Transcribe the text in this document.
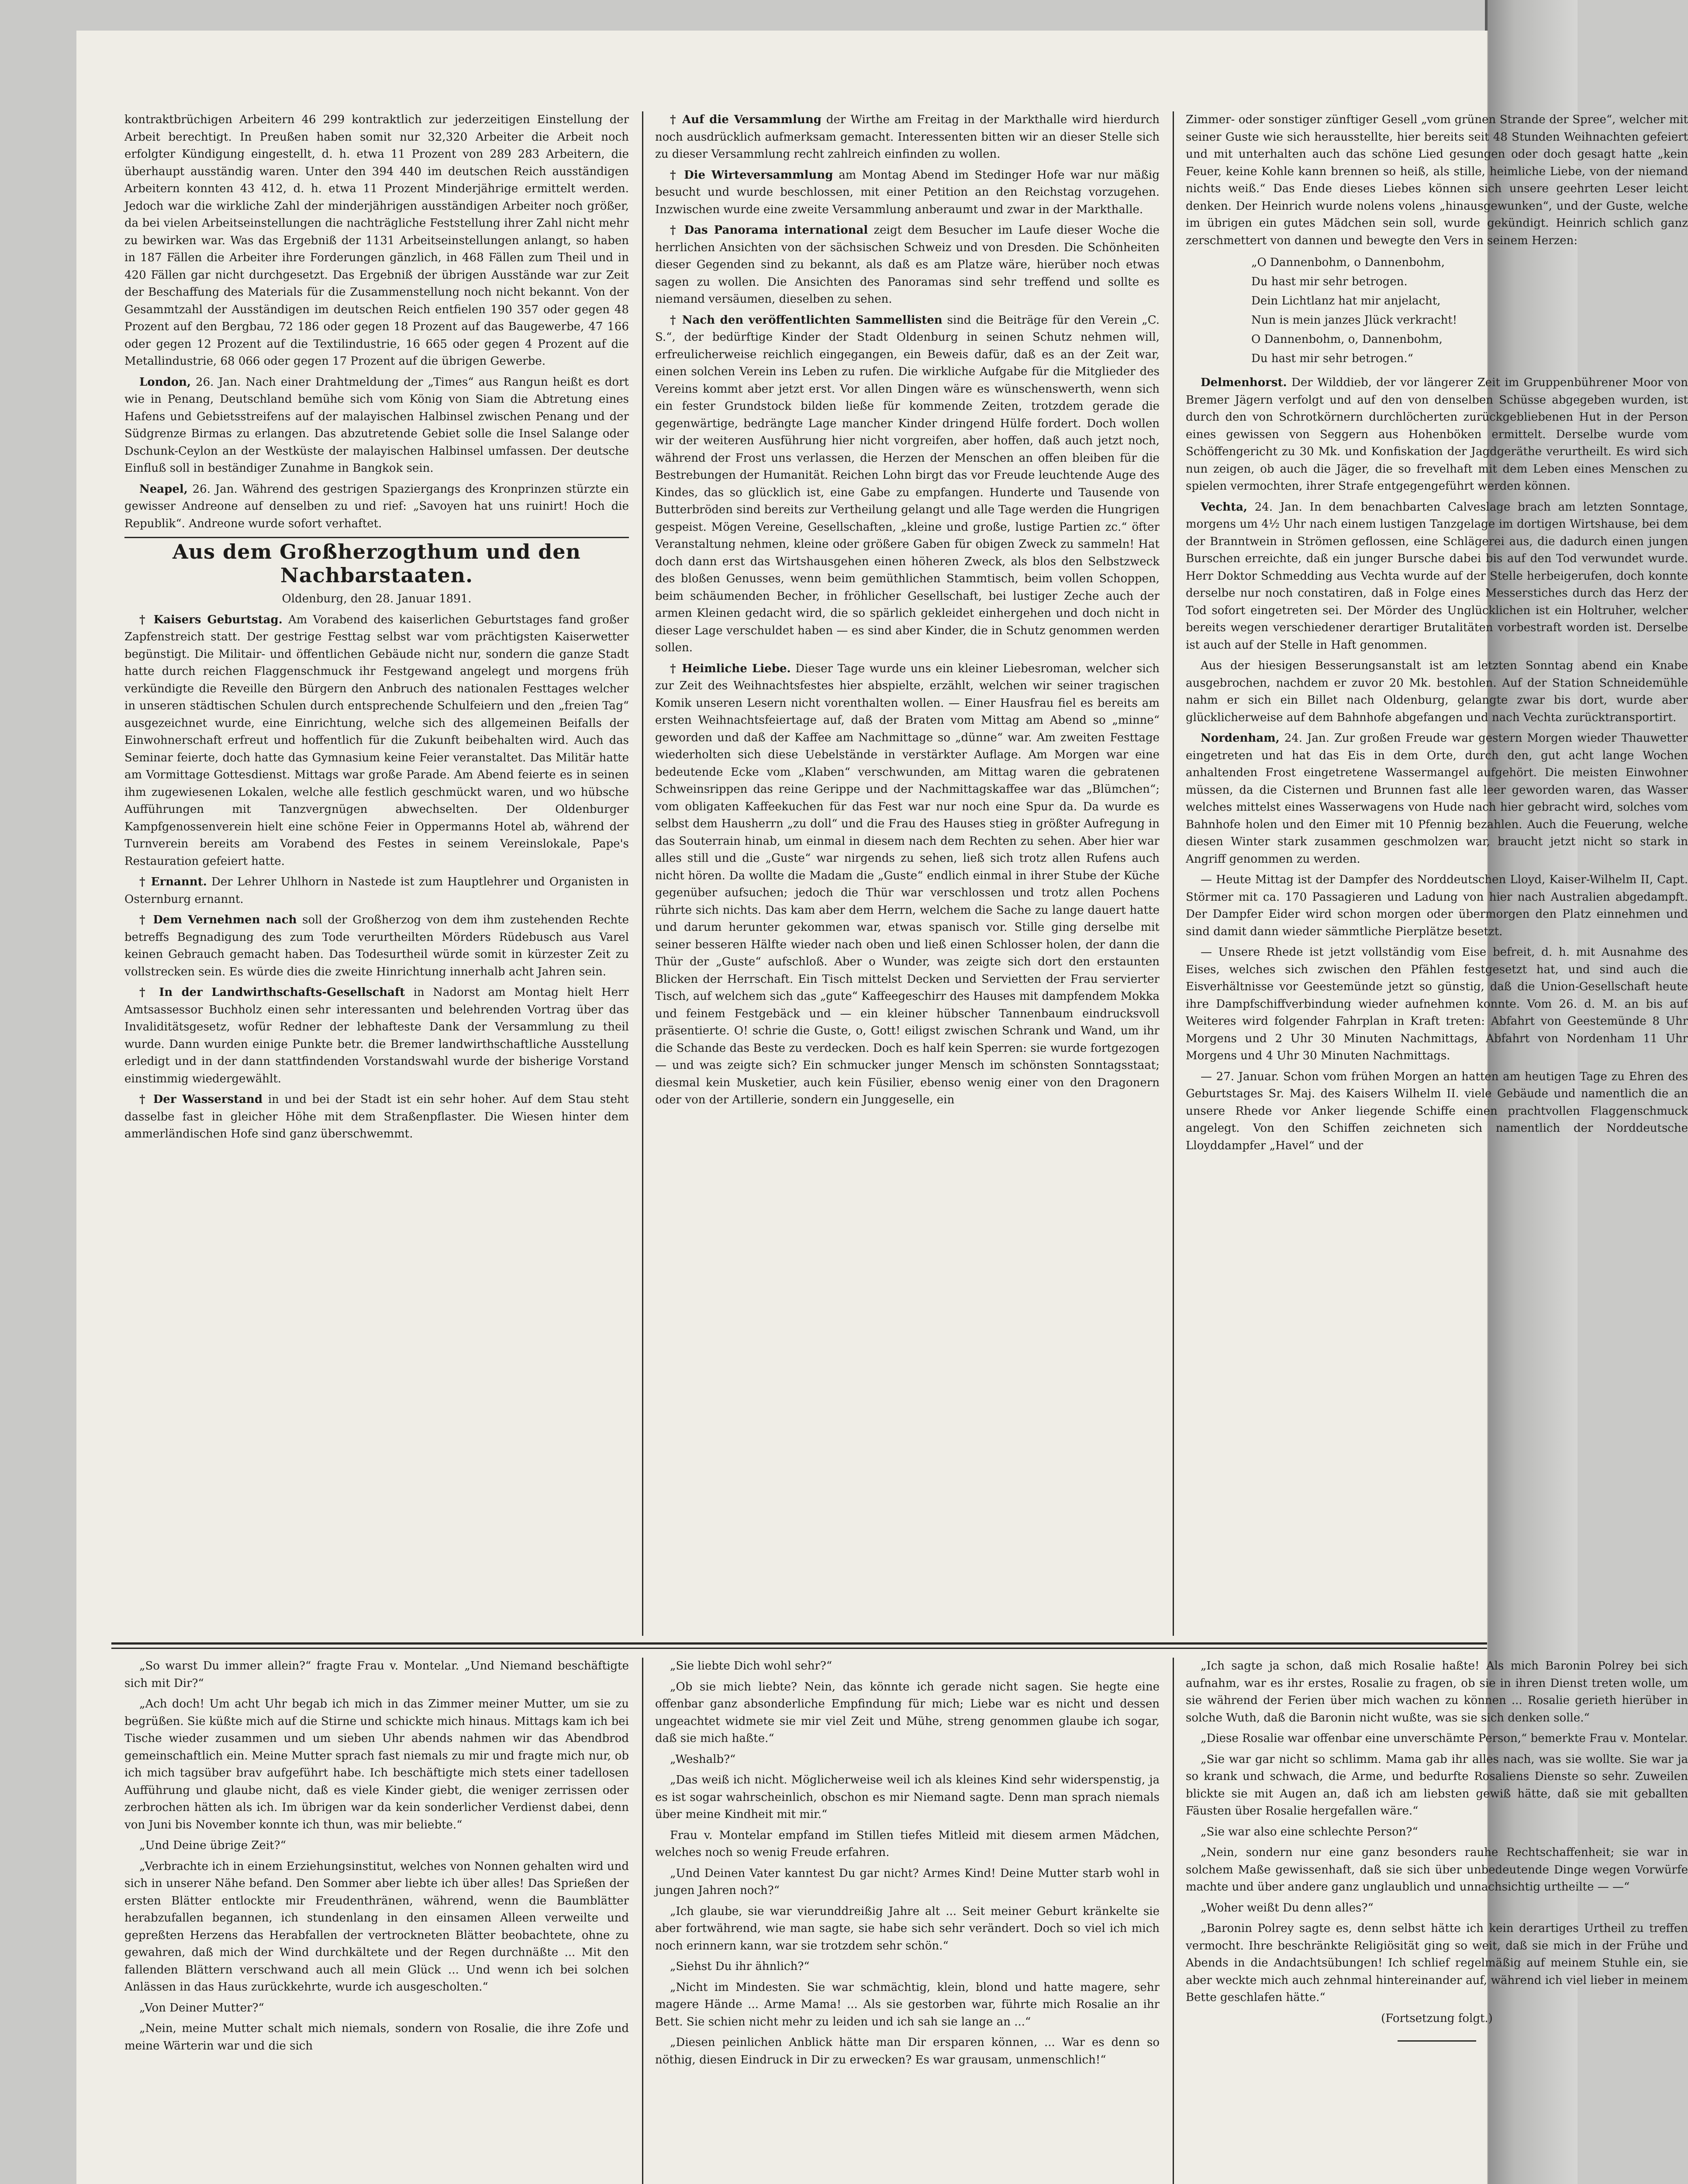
kontraktbrüchigen Arbeitern 46 299 kontraktlich zur jederzeitigen Einstellung der Arbeit berechtigt. In Preußen haben somit nur 32,320 Arbeiter die Arbeit noch erfolgter Kündigung eingestellt, d. h. etwa 11 Prozent von 289 283 Arbeitern, die überhaupt ausständig waren. Unter den 394 440 im deutschen Reich ausständigen Arbeitern konnten 43 412, d. h. etwa 11 Prozent Minderjährige ermittelt werden. Jedoch war die wirkliche Zahl der minderjährigen ausständigen Arbeiter noch größer, da bei vielen Arbeitseinstellungen die nachträgliche Feststellung ihrer Zahl nicht mehr zu bewirken war. Was das Ergebniß der 1131 Arbeitseinstellungen anlangt, so haben in 187 Fällen die Arbeiter ihre Forderungen gänzlich, in 468 Fällen zum Theil und in 420 Fällen gar nicht durchgesetzt. Das Ergebniß der übrigen Ausstände war zur Zeit der Beschaffung des Materials für die Zusammenstellung noch nicht bekannt. Von der Gesammtzahl der Ausständigen im deutschen Reich entfielen 190 357 oder gegen 48 Prozent auf den Bergbau, 72 186 oder gegen 18 Prozent auf das Baugewerbe, 47 166 oder gegen 12 Prozent auf die Textilindustrie, 16 665 oder gegen 4 Prozent auf die Metallindustrie, 68 066 oder gegen 17 Prozent auf die übrigen Gewerbe.

London, 26. Jan. Nach einer Drahtmeldung der „Times“ aus Rangun heißt es dort wie in Penang, Deutschland bemühe sich vom König von Siam die Abtretung eines Hafens und Gebietsstreifens auf der malayischen Halbinsel zwischen Penang und der Südgrenze Birmas zu erlangen. Das abzutretende Gebiet solle die Insel Salange oder Dschunk-Ceylon an der Westküste der malayischen Halbinsel umfassen. Der deutsche Einfluß soll in beständiger Zunahme in Bangkok sein.

Neapel, 26. Jan. Während des gestrigen Spaziergangs des Kronprinzen stürzte ein gewisser Andreone auf denselben zu und rief: „Savoyen hat uns ruinirt! Hoch die Republik“. Andreone wurde sofort verhaftet.

Aus dem Großherzogthum und den Nachbarstaaten.

Oldenburg, den 28. Januar 1891.

† Kaisers Geburtstag. Am Vorabend des kaiserlichen Geburtstages fand großer Zapfenstreich statt. Der gestrige Festtag selbst war vom prächtigsten Kaiserwetter begünstigt. Die Militair- und öffentlichen Gebäude nicht nur, sondern die ganze Stadt hatte durch reichen Flaggenschmuck ihr Festgewand angelegt und morgens früh verkündigte die Reveille den Bürgern den Anbruch des nationalen Festtages welcher in unseren städtischen Schulen durch entsprechende Schulfeiern und den „freien Tag“ ausgezeichnet wurde, eine Einrichtung, welche sich des allgemeinen Beifalls der Einwohnerschaft erfreut und hoffentlich für die Zukunft beibehalten wird. Auch das Seminar feierte, doch hatte das Gymnasium keine Feier veranstaltet. Das Militär hatte am Vormittage Gottesdienst. Mittags war große Parade. Am Abend feierte es in seinen ihm zugewiesenen Lokalen, welche alle festlich geschmückt waren, und wo hübsche Aufführungen mit Tanzvergnügen abwechselten. Der Oldenburger Kampfgenossenverein hielt eine schöne Feier in Oppermanns Hotel ab, während der Turnverein bereits am Vorabend des Festes in seinem Vereinslokale, Pape's Restauration gefeiert hatte.

† Ernannt. Der Lehrer Uhlhorn in Nastede ist zum Hauptlehrer und Organisten in Osternburg ernannt.

† Dem Vernehmen nach soll der Großherzog von dem ihm zustehenden Rechte betreffs Begnadigung des zum Tode verurtheilten Mörders Rüdebusch aus Varel keinen Gebrauch gemacht haben. Das Todesurtheil würde somit in kürzester Zeit zu vollstrecken sein. Es würde dies die zweite Hinrichtung innerhalb acht Jahren sein.

† In der Landwirthschafts-Gesellschaft in Nadorst am Montag hielt Herr Amtsassessor Buchholz einen sehr interessanten und belehrenden Vortrag über das Invaliditätsgesetz, wofür Redner der lebhafteste Dank der Versammlung zu theil wurde. Dann wurden einige Punkte betr. die Bremer landwirthschaftliche Ausstellung erledigt und in der dann stattfindenden Vorstandswahl wurde der bisherige Vorstand einstimmig wiedergewählt.

† Der Wasserstand in und bei der Stadt ist ein sehr hoher. Auf dem Stau steht dasselbe fast in gleicher Höhe mit dem Straßenpflaster. Die Wiesen hinter dem ammerländischen Hofe sind ganz überschwemmt.

† Auf die Versammlung der Wirthe am Freitag in der Markthalle wird hierdurch noch ausdrücklich aufmerksam gemacht. Interessenten bitten wir an dieser Stelle sich zu dieser Versammlung recht zahlreich einfinden zu wollen.

† Die Wirteversammlung am Montag Abend im Stedinger Hofe war nur mäßig besucht und wurde beschlossen, mit einer Petition an den Reichstag vorzugehen. Inzwischen wurde eine zweite Versammlung anberaumt und zwar in der Markthalle.

† Das Panorama international zeigt dem Besucher im Laufe dieser Woche die herrlichen Ansichten von der sächsischen Schweiz und von Dresden. Die Schönheiten dieser Gegenden sind zu bekannt, als daß es am Platze wäre, hierüber noch etwas sagen zu wollen. Die Ansichten des Panoramas sind sehr treffend und sollte es niemand versäumen, dieselben zu sehen.

† Nach den veröffentlichten Sammellisten sind die Beiträge für den Verein „C. S.“, der bedürftige Kinder der Stadt Oldenburg in seinen Schutz nehmen will, erfreulicherweise reichlich eingegangen, ein Beweis dafür, daß es an der Zeit war, einen solchen Verein ins Leben zu rufen. Die wirkliche Aufgabe für die Mitglieder des Vereins kommt aber jetzt erst. Vor allen Dingen wäre es wünschenswerth, wenn sich ein fester Grundstock bilden ließe für kommende Zeiten, trotzdem gerade die gegenwärtige, bedrängte Lage mancher Kinder dringend Hülfe fordert. Doch wollen wir der weiteren Ausführung hier nicht vorgreifen, aber hoffen, daß auch jetzt noch, während der Frost uns verlassen, die Herzen der Menschen an offen bleiben für die Bestrebungen der Humanität. Reichen Lohn birgt das vor Freude leuchtende Auge des Kindes, das so glücklich ist, eine Gabe zu empfangen. Hunderte und Tausende von Butterbröden sind bereits zur Vertheilung gelangt und alle Tage werden die Hungrigen gespeist. Mögen Vereine, Gesellschaften, „kleine und große, lustige Partien zc.“ öfter Veranstaltung nehmen, kleine oder größere Gaben für obigen Zweck zu sammeln! Hat doch dann erst das Wirtshausgehen einen höheren Zweck, als blos den Selbstzweck des bloßen Genusses, wenn beim gemüthlichen Stammtisch, beim vollen Schoppen, beim schäumenden Becher, in fröhlicher Gesellschaft, bei lustiger Zeche auch der armen Kleinen gedacht wird, die so spärlich gekleidet einhergehen und doch nicht in dieser Lage verschuldet haben — es sind aber Kinder, die in Schutz genommen werden sollen.

† Heimliche Liebe. Dieser Tage wurde uns ein kleiner Liebesroman, welcher sich zur Zeit des Weihnachtsfestes hier abspielte, erzählt, welchen wir seiner tragischen Komik unseren Lesern nicht vorenthalten wollen. — Einer Hausfrau fiel es bereits am ersten Weihnachtsfeiertage auf, daß der Braten vom Mittag am Abend so „minne“ geworden und daß der Kaffee am Nachmittage so „dünne“ war. Am zweiten Festtage wiederholten sich diese Uebelstände in verstärkter Auflage. Am Morgen war eine bedeutende Ecke vom „Klaben“ verschwunden, am Mittag waren die gebratenen Schweinsrippen das reine Gerippe und der Nachmittagskaffee war das „Blümchen“; vom obligaten Kaffeekuchen für das Fest war nur noch eine Spur da. Da wurde es selbst dem Hausherrn „zu doll“ und die Frau des Hauses stieg in größter Aufregung in das Souterrain hinab, um einmal in diesem nach dem Rechten zu sehen. Aber hier war alles still und die „Guste“ war nirgends zu sehen, ließ sich trotz allen Rufens auch nicht hören. Da wollte die Madam die „Guste“ endlich einmal in ihrer Stube der Küche gegenüber aufsuchen; jedoch die Thür war verschlossen und trotz allen Pochens rührte sich nichts. Das kam aber dem Herrn, welchem die Sache zu lange dauert hatte und darum herunter gekommen war, etwas spanisch vor. Stille ging derselbe mit seiner besseren Hälfte wieder nach oben und ließ einen Schlosser holen, der dann die Thür der „Guste“ aufschloß. Aber o Wunder, was zeigte sich dort den erstaunten Blicken der Herrschaft. Ein Tisch mittelst Decken und Servietten der Frau servierter Tisch, auf welchem sich das „gute“ Kaffeegeschirr des Hauses mit dampfendem Mokka und feinem Festgebäck und — ein kleiner hübscher Tannenbaum eindrucksvoll präsentierte. O! schrie die Guste, o, Gott! eiligst zwischen Schrank und Wand, um ihr die Schande das Beste zu verdecken. Doch es half kein Sperren: sie wurde fortgezogen — und was zeigte sich? Ein schmucker junger Mensch im schönsten Sonntagsstaat; diesmal kein Musketier, auch kein Füsilier, ebenso wenig einer von den Dragonern oder von der Artillerie, sondern ein Junggeselle, ein

Zimmer- oder sonstiger zünftiger Gesell „vom grünen Strande der Spree“, welcher mit seiner Guste wie sich herausstellte, hier bereits seit 48 Stunden Weihnachten gefeiert und mit unterhalten auch das schöne Lied gesungen oder doch gesagt hatte „kein Feuer, keine Kohle kann brennen so heiß, als stille, heimliche Liebe, von der niemand nichts weiß.“ Das Ende dieses Liebes können sich unsere geehrten Leser leicht denken. Der Heinrich wurde nolens volens „hinausgewunken“, und der Guste, welche im übrigen ein gutes Mädchen sein soll, wurde gekündigt. Heinrich schlich ganz zerschmettert von dannen und bewegte den Vers in seinem Herzen:

„O Dannenbohm, o Dannenbohm,
Du hast mir sehr betrogen.
Dein Lichtlanz hat mir anjelacht,
Nun is mein janzes Jlück verkracht!
O Dannenbohm, o, Dannenbohm,
Du hast mir sehr betrogen.“

Delmenhorst. Der Wilddieb, der vor längerer Zeit im Gruppenbührener Moor von Bremer Jägern verfolgt und auf den von denselben Schüsse abgegeben wurden, ist durch den von Schrotkörnern durchlöcherten zurückgebliebenen Hut in der Person eines gewissen von Seggern aus Hohenböken ermittelt. Derselbe wurde vom Schöffengericht zu 30 Mk. und Konfiskation der Jagdgeräthe verurtheilt. Es wird sich nun zeigen, ob auch die Jäger, die so frevelhaft mit dem Leben eines Menschen zu spielen vermochten, ihrer Strafe entgegengeführt werden können.

Vechta, 24. Jan. In dem benachbarten Calveslage brach am letzten Sonntage, morgens um 4½ Uhr nach einem lustigen Tanzgelage im dortigen Wirtshause, bei dem der Branntwein in Strömen geflossen, eine Schlägerei aus, die dadurch einen jungen Burschen erreichte, daß ein junger Bursche dabei bis auf den Tod verwundet wurde. Herr Doktor Schmedding aus Vechta wurde auf der Stelle herbeigerufen, doch konnte derselbe nur noch constatiren, daß in Folge eines Messerstiches durch das Herz der Tod sofort eingetreten sei. Der Mörder des Unglücklichen ist ein Holtruher, welcher bereits wegen verschiedener derartiger Brutalitäten vorbestraft worden ist. Derselbe ist auch auf der Stelle in Haft genommen.

Aus der hiesigen Besserungsanstalt ist am letzten Sonntag abend ein Knabe ausgebrochen, nachdem er zuvor 20 Mk. bestohlen. Auf der Station Schneidemühle nahm er sich ein Billet nach Oldenburg, gelangte zwar bis dort, wurde aber glücklicherweise auf dem Bahnhofe abgefangen und nach Vechta zurücktransportirt.

Nordenham, 24. Jan. Zur großen Freude war gestern Morgen wieder Thauwetter eingetreten und hat das Eis in dem Orte, durch den, gut acht lange Wochen anhaltenden Frost eingetretene Wassermangel aufgehört. Die meisten Einwohner müssen, da die Cisternen und Brunnen fast alle leer geworden waren, das Wasser welches mittelst eines Wasserwagens von Hude nach hier gebracht wird, solches vom Bahnhofe holen und den Eimer mit 10 Pfennig bezahlen. Auch die Feuerung, welche diesen Winter stark zusammen geschmolzen war, braucht jetzt nicht so stark in Angriff genommen zu werden.

— Heute Mittag ist der Dampfer des Norddeutschen Lloyd, Kaiser-Wilhelm II, Capt. Störmer mit ca. 170 Passagieren und Ladung von hier nach Australien abgedampft. Der Dampfer Eider wird schon morgen oder übermorgen den Platz einnehmen und sind damit dann wieder sämmtliche Pierplätze besetzt.

— Unsere Rhede ist jetzt vollständig vom Eise befreit, d. h. mit Ausnahme des Eises, welches sich zwischen den Pfählen festgesetzt hat, und sind auch die Eisverhältnisse vor Geestemünde jetzt so günstig, daß die Union-Gesellschaft heute ihre Dampfschiffverbindung wieder aufnehmen konnte. Vom 26. d. M. an bis auf Weiteres wird folgender Fahrplan in Kraft treten: Abfahrt von Geestemünde 8 Uhr Morgens und 2 Uhr 30 Minuten Nachmittags, Abfahrt von Nordenham 11 Uhr Morgens und 4 Uhr 30 Minuten Nachmittags.

— 27. Januar. Schon vom frühen Morgen an hatten am heutigen Tage zu Ehren des Geburtstages Sr. Maj. des Kaisers Wilhelm II. viele Gebäude und namentlich die an unsere Rhede vor Anker liegende Schiffe einen prachtvollen Flaggenschmuck angelegt. Von den Schiffen zeichneten sich namentlich der Norddeutsche Lloyddampfer „Havel“ und der

„So warst Du immer allein?“ fragte Frau v. Montelar. „Und Niemand beschäftigte sich mit Dir?“

„Ach doch! Um acht Uhr begab ich mich in das Zimmer meiner Mutter, um sie zu begrüßen. Sie küßte mich auf die Stirne und schickte mich hinaus. Mittags kam ich bei Tische wieder zusammen und um sieben Uhr abends nahmen wir das Abendbrod gemeinschaftlich ein. Meine Mutter sprach fast niemals zu mir und fragte mich nur, ob ich mich tagsüber brav aufgeführt habe. Ich beschäftigte mich stets einer tadellosen Aufführung und glaube nicht, daß es viele Kinder giebt, die weniger zerrissen oder zerbrochen hätten als ich. Im übrigen war da kein sonderlicher Verdienst dabei, denn von Juni bis November konnte ich thun, was mir beliebte.“

„Und Deine übrige Zeit?“

„Verbrachte ich in einem Erziehungsinstitut, welches von Nonnen gehalten wird und sich in unserer Nähe befand. Den Sommer aber liebte ich über alles! Das Sprießen der ersten Blätter entlockte mir Freudenthränen, während, wenn die Baumblätter herabzufallen begannen, ich stundenlang in den einsamen Alleen verweilte und gepreßten Herzens das Herabfallen der vertrockneten Blätter beobachtete, ohne zu gewahren, daß mich der Wind durchkältete und der Regen durchnäßte ... Mit den fallenden Blättern verschwand auch all mein Glück ... Und wenn ich bei solchen Anlässen in das Haus zurückkehrte, wurde ich ausgescholten.“

„Von Deiner Mutter?“

„Nein, meine Mutter schalt mich niemals, sondern von Rosalie, die ihre Zofe und meine Wärterin war und die sich

„Sie liebte Dich wohl sehr?“

„Ob sie mich liebte? Nein, das könnte ich gerade nicht sagen. Sie hegte eine offenbar ganz absonderliche Empfindung für mich; Liebe war es nicht und dessen ungeachtet widmete sie mir viel Zeit und Mühe, streng genommen glaube ich sogar, daß sie mich haßte.“

„Weshalb?“

„Das weiß ich nicht. Möglicherweise weil ich als kleines Kind sehr widerspenstig, ja es ist sogar wahrscheinlich, obschon es mir Niemand sagte. Denn man sprach niemals über meine Kindheit mit mir.“

Frau v. Montelar empfand im Stillen tiefes Mitleid mit diesem armen Mädchen, welches noch so wenig Freude erfahren.

„Und Deinen Vater kanntest Du gar nicht? Armes Kind! Deine Mutter starb wohl in jungen Jahren noch?“

„Ich glaube, sie war vierunddreißig Jahre alt ... Seit meiner Geburt kränkelte sie aber fortwährend, wie man sagte, sie habe sich sehr verändert. Doch so viel ich mich noch erinnern kann, war sie trotzdem sehr schön.“

„Siehst Du ihr ähnlich?“

„Nicht im Mindesten. Sie war schmächtig, klein, blond und hatte magere, sehr magere Hände ... Arme Mama! ... Als sie gestorben war, führte mich Rosalie an ihr Bett. Sie schien nicht mehr zu leiden und ich sah sie lange an ...“

„Diesen peinlichen Anblick hätte man Dir ersparen können, ... War es denn so nöthig, diesen Eindruck in Dir zu erwecken? Es war grausam, unmenschlich!“

„Ich sagte ja schon, daß mich Rosalie haßte! Als mich Baronin Polrey bei sich aufnahm, war es ihr erstes, Rosalie zu fragen, ob sie in ihren Dienst treten wolle, um sie während der Ferien über mich wachen zu können ... Rosalie gerieth hierüber in solche Wuth, daß die Baronin nicht wußte, was sie sich denken solle.“

„Diese Rosalie war offenbar eine unverschämte Person,“ bemerkte Frau v. Montelar.

„Sie war gar nicht so schlimm. Mama gab ihr alles nach, was sie wollte. Sie war ja so krank und schwach, die Arme, und bedurfte Rosaliens Dienste so sehr. Zuweilen blickte sie mit Augen an, daß ich am liebsten gewiß hätte, daß sie mit geballten Fäusten über Rosalie hergefallen wäre.“

„Sie war also eine schlechte Person?“

„Nein, sondern nur eine ganz besonders rauhe Rechtschaffenheit; sie war in solchem Maße gewissenhaft, daß sie sich über unbedeutende Dinge wegen Vorwürfe machte und über andere ganz unglaublich und unnachsichtig urtheilte — —“

„Woher weißt Du denn alles?“

„Baronin Polrey sagte es, denn selbst hätte ich kein derartiges Urtheil zu treffen vermocht. Ihre beschränkte Religiösität ging so weit, daß sie mich in der Frühe und Abends in die Andachtsübungen! Ich schlief regelmäßig auf meinem Stuhle ein, sie aber weckte mich auch zehnmal hintereinander auf, während ich viel lieber in meinem Bette geschlafen hätte.“

(Fortsetzung folgt.)
